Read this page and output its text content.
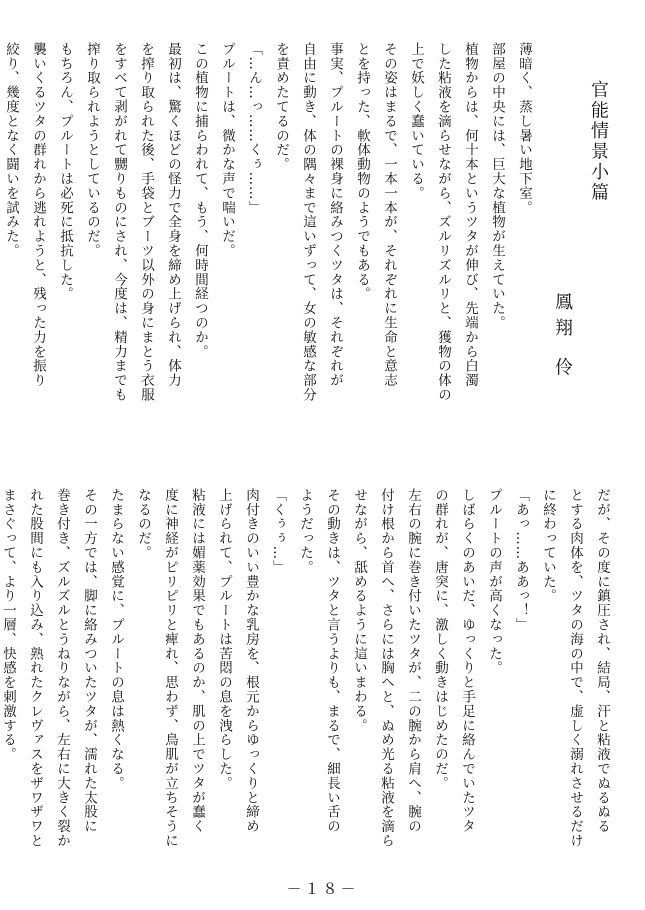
官能情景小篇
鳳翔 伶
薄暗く、蒸し暑い地下室。
部屋の中央には、巨大な植物が生えていた。
植物からは、何十本というツタが伸び、先端から白濁
した粘液を滴らせながら、ズルリズルリと、獲物の体の
上で妖しく蠢いている。
その姿はまるで、一本一本が、それぞれに生命と意志
とを持った、軟体動物のようでもある。
事実、プルートの裸身に絡みつくツタは、それぞれが
自由に動き、体の隅々まで這いずって、女の敏感な部分
を責めたてるのだ。
「…ん…っ……くぅ……」
プルートは、微かな声で喘いだ。
この植物に捕らわれて、もう、何時間経つのか。
最初は、驚くほどの怪力で全身を締め上げられ、体力
を搾り取られた後、手袋とブーツ以外の身にまとう衣服
をすべて剥がれて嬲りものにされ、今度は、精力までも
搾り取られようとしているのだ。
もちろん、プルートは必死に抵抗した。
襲いくるツタの群れから逃れようと、残った力を振り
絞り、幾度となく闘いを試みた。
だが、その度に鎮圧され、結局、汗と粘液でぬるぬる
とする肉体を、ツタの海の中で、虚しく溺れさせるだけ
に終わっていた。
「あっ……ああっ！」
プルートの声が高くなった。
しばらくのあいだ、ゆっくりと手足に絡んでいたツタ
の群れが、唐突に、激しく動きはじめたのだ。
左右の腕に巻き付いたツタが、二の腕から肩へ、腕の
付け根から首へ、さらには胸へと、ぬめ光る粘液を滴ら
せながら、舐めるように這いまわる。
その動きは、ツタと言うよりも、まるで、細長い舌の
ようだった。
「くぅぅ…」
肉付きのいい豊かな乳房を、根元からゆっくりと締め
上げられて、プルートは苦悶の息を洩らした。
粘液には媚薬効果でもあるのか、肌の上でツタが蠢く
度に神経がピリピリと痺れ、思わず、鳥肌が立ちそうに
なるのだ。
たまらない感覚に、プルートの息は熱くなる。
その一方では、脚に絡みついたツタが、濡れた太股に
巻き付き、ズルズルとうねりながら、左右に大きく裂か
れた股間にも入り込み、熟れたクレヴァスをザワザワと
まさぐって、より一層、快感を刺激する。
－１８－
